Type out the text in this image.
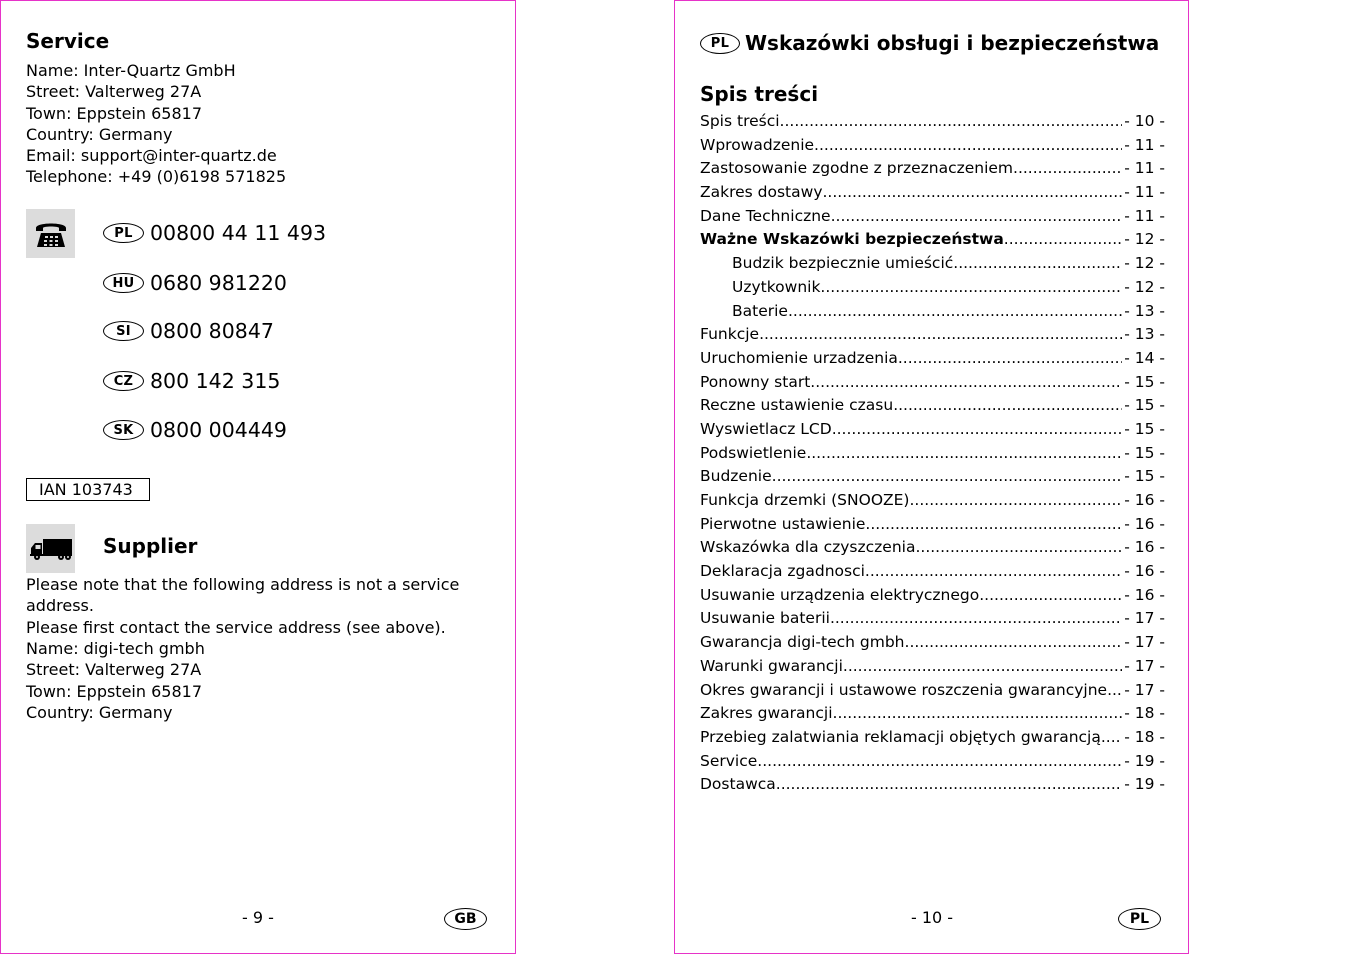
Service
Name: Inter-Quartz GmbH
Street: Valterweg 27A
Town: Eppstein 65817
Country: Germany
Email: support@inter-quartz.de
Telephone: +49 (0)6198 571825
PL 00800 44 11 493
HU 0680 981220
SI 0800 80847
CZ 800 142 315
SK 0800 004449
IAN 103743
Supplier
Please note that the following address is not a service address.
Please first contact the service address (see above).
Name: digi-tech gmbh
Street: Valterweg 27A
Town: Eppstein 65817
Country: Germany
- 9 -	GB
PL Wskazówki obsługi i bezpieczeństwa
Spis treści
Spis treści .....	- 10 -
Wprowadzenie .....	- 11 -
Zastosowanie zgodne z przeznaczeniem .....	- 11 -
Zakres dostawy .....	- 11 -
Dane Techniczne .....	- 11 -
Ważne Wskazówki bezpieczeństwa .....	- 12 -
Budzik bezpiecznie umieścić .....	- 12 -
Uzytkownik .....	- 12 -
Baterie .....	- 13 -
Funkcje .....	- 13 -
Uruchomienie urzadzenia .....	- 14 -
Ponowny start .....	- 15 -
Reczne ustawienie czasu .....	- 15 -
Wyswietlacz LCD .....	- 15 -
Podswietlenie .....	- 15 -
Budzenie .....	- 15 -
Funkcja drzemki (SNOOZE) .....	- 16 -
Pierwotne ustawienie .....	- 16 -
Wskazówka dla czyszczenia .....	- 16 -
Deklaracja zgadnosci .....	- 16 -
Usuwanie urządzenia elektrycznego .....	- 16 -
Usuwanie baterii .....	- 17 -
Gwarancja digi-tech gmbh .....	- 17 -
Warunki gwarancji .....	- 17 -
Okres gwarancji i ustawowe roszczenia gwarancyjne ..... - 17 -
Zakres gwarancji .....	- 18 -
Przebieg zalatwiania reklamacji objętych gwarancją ..... - 18 -
Service .....	- 19 -
Dostawca .....	- 19 -
- 10 -	PL
